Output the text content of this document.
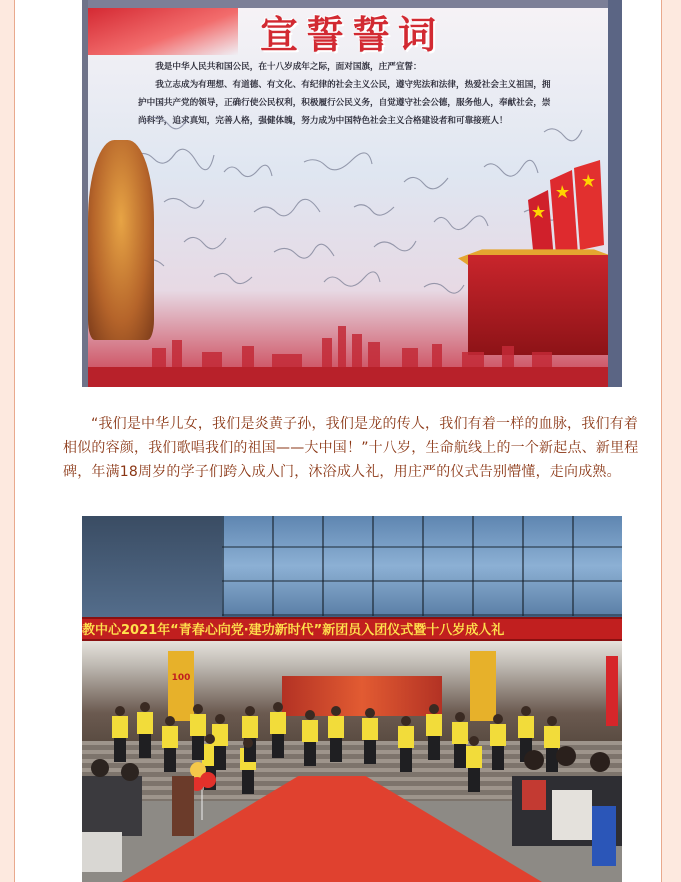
宣誓誓词

我是中华人民共和国公民，在十八岁成年之际，面对国旗，庄严宣誓：

我立志成为有理想、有道德、有文化、有纪律的社会主义公民，遵守宪法和法律，热爱社会主义祖国，拥护中国共产党的领导，正确行使公民权利，积极履行公民义务，自觉遵守社会公德，服务他人，奉献社会，崇尚科学，追求真知，完善人格，强健体魄，努力成为中国特色社会主义合格建设者和可靠接班人！

“我们是中华儿女，我们是炎黄子孙，我们是龙的传人，我们有着一样的血脉，我们有着相似的容颜，我们歌唱我们的祖国——大中国！”十八岁，生命航线上的一个新起点、新里程碑，年满18周岁的学子们跨入成人门，沐浴成人礼，用庄严的仪式告别懵懂，走向成熟。

教中心2021年“青春心向党·建功新时代”新团员入团仪式暨十八岁成人礼
100
